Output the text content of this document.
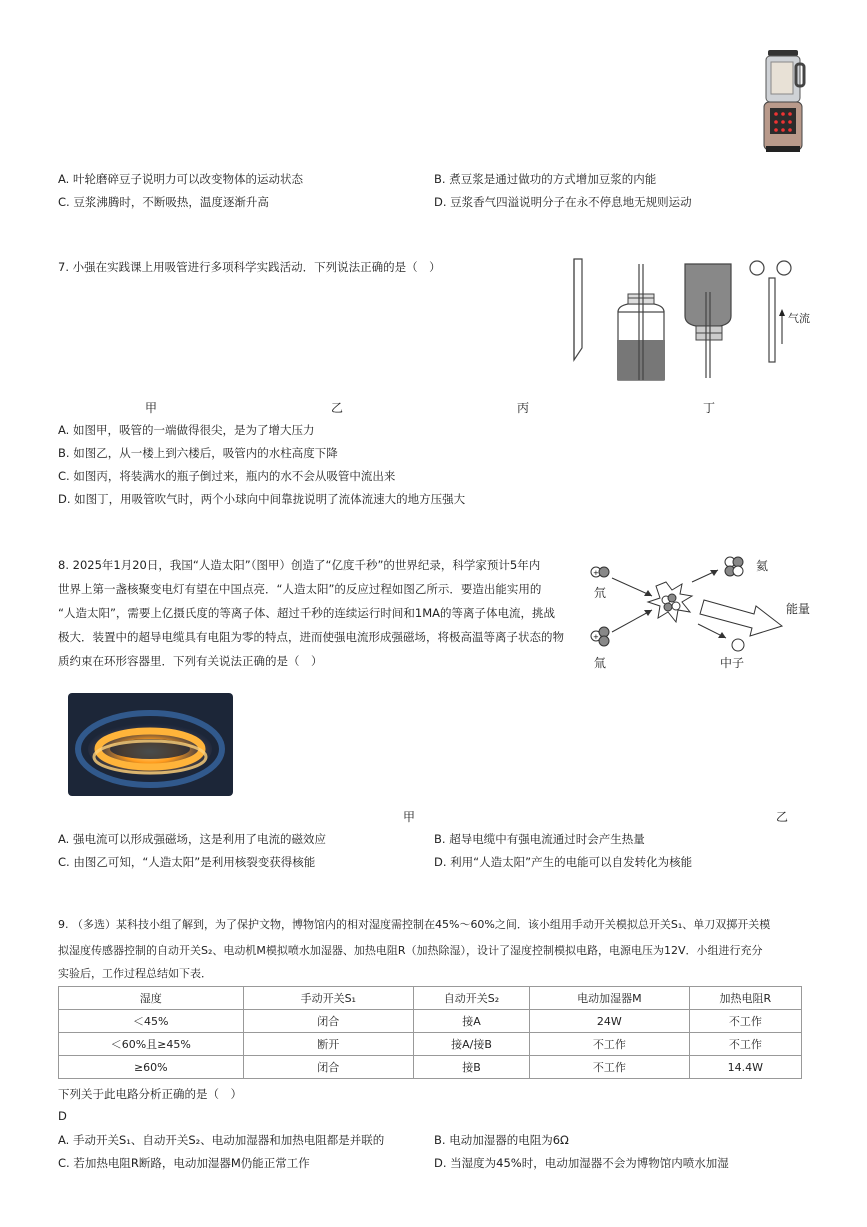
A. 叶轮磨碎豆子说明力可以改变物体的运动状态	B. 煮豆浆是通过做功的方式增加豆浆的内能
C. 豆浆沸腾时，不断吸热，温度逐渐升高	D. 豆浆香气四溢说明分子在永不停息地无规则运动
7. 小强在实践课上用吸管进行多项科学实践活动．下列说法正确的是（　）
气流
甲	乙	丙	丁
A. 如图甲，吸管的一端做得很尖，是为了增大压力
B. 如图乙，从一楼上到六楼后，吸管内的水柱高度下降
C. 如图丙，将装满水的瓶子倒过来，瓶内的水不会从吸管中流出来
D. 如图丁，用吸管吹气时，两个小球向中间靠拢说明了流体流速大的地方压强大
8. 2025年1月20日，我国“人造太阳”（图甲）创造了“亿度千秒”的世界纪录，科学家预计5年内
世界上第一盏核聚变电灯有望在中国点亮．“人造太阳”的反应过程如图乙所示．要造出能实用的
“人造太阳”，需要上亿摄氏度的等离子体、超过千秒的连续运行时间和1MA的等离子体电流，挑战
极大．装置中的超导电缆具有电阻为零的特点，进而使强电流形成强磁场，将极高温等离子状态的物
质约束在环形容器里．下列有关说法正确的是（　）
+
+
氘
氚
氦
能量
中子
甲	乙
A. 强电流可以形成强磁场，这是利用了电流的磁效应	B. 超导电缆中有强电流通过时会产生热量
C. 由图乙可知，“人造太阳”是利用核裂变获得核能	D. 利用“人造太阳”产生的电能可以自发转化为核能
9. （多选）某科技小组了解到，为了保护文物，博物馆内的相对湿度需控制在45%～60%之间．该小组用手动开关模拟总开关S₁、单刀双掷开关模
拟湿度传感器控制的自动开关S₂、电动机M模拟喷水加湿器、加热电阻R（加热除湿），设计了湿度控制模拟电路，电源电压为12V．小组进行充分
实验后，工作过程总结如下表．
湿度	手动开关S₁	自动开关S₂	电动加湿器M	加热电阻R
＜45%	闭合	接A	24W	不工作
＜60%且≥45%	断开	接A/接B	不工作	不工作
≥60%	闭合	接B	不工作	14.4W
下列关于此电路分析正确的是（　）
D
A. 手动开关S₁、自动开关S₂、电动加湿器和加热电阻都是并联的	B. 电动加湿器的电阻为6Ω
C. 若加热电阻R断路，电动加湿器M仍能正常工作	D. 当湿度为45%时，电动加湿器不会为博物馆内喷水加湿
